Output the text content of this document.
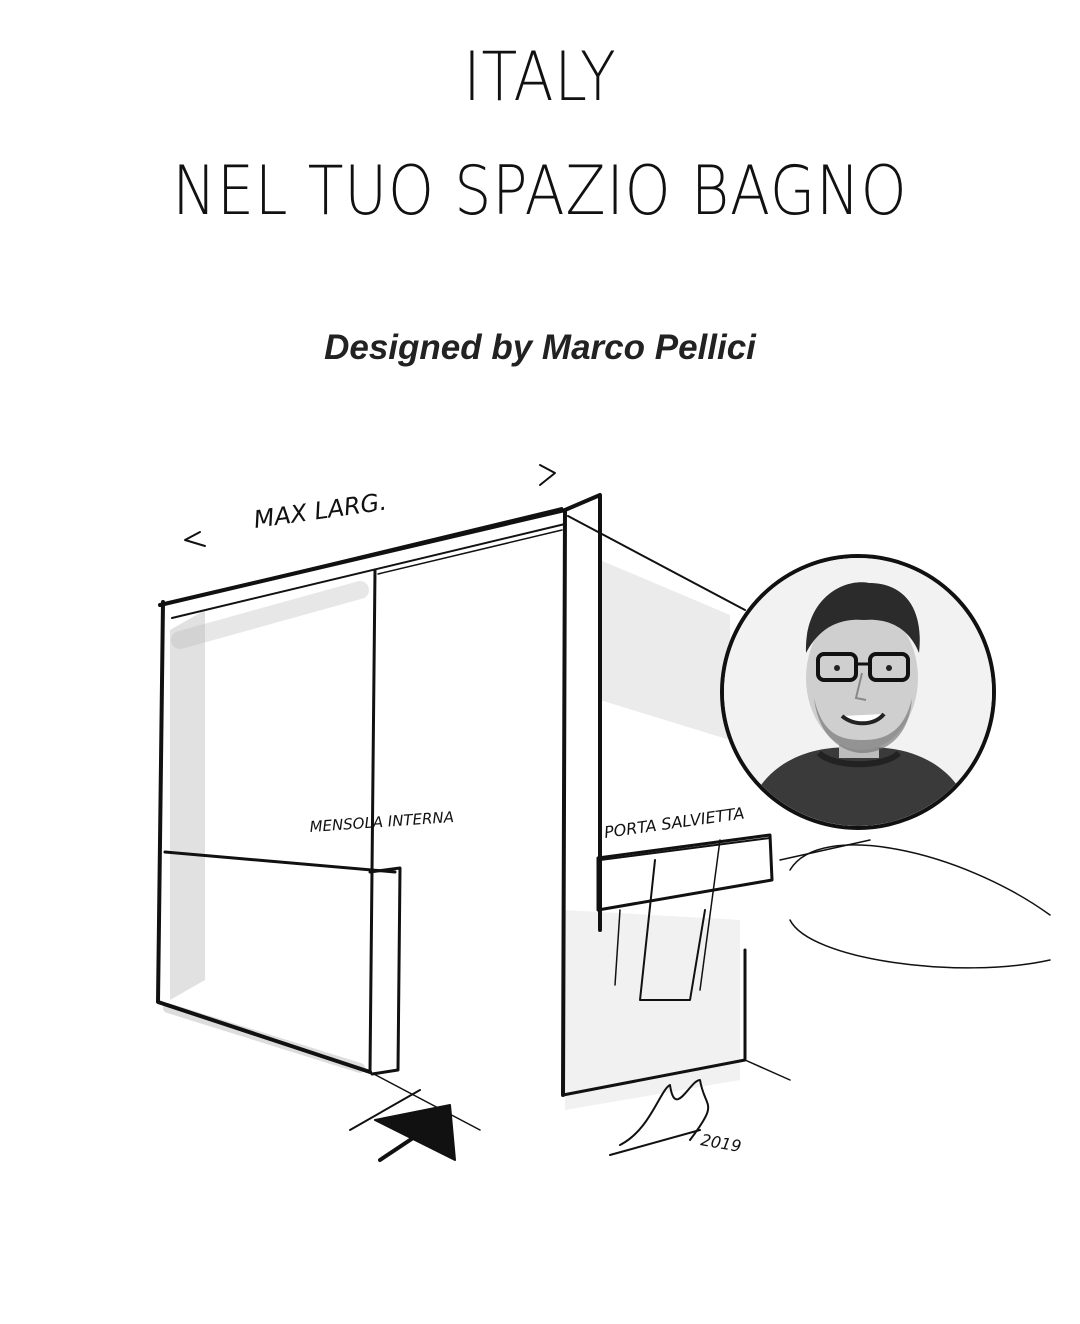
ITALY
NEL TUO SPAZIO BAGNO
Designed by Marco Pellici
MAX LARG.
MENSOLA INTERNA	PORTA SALVIETTA
2019
